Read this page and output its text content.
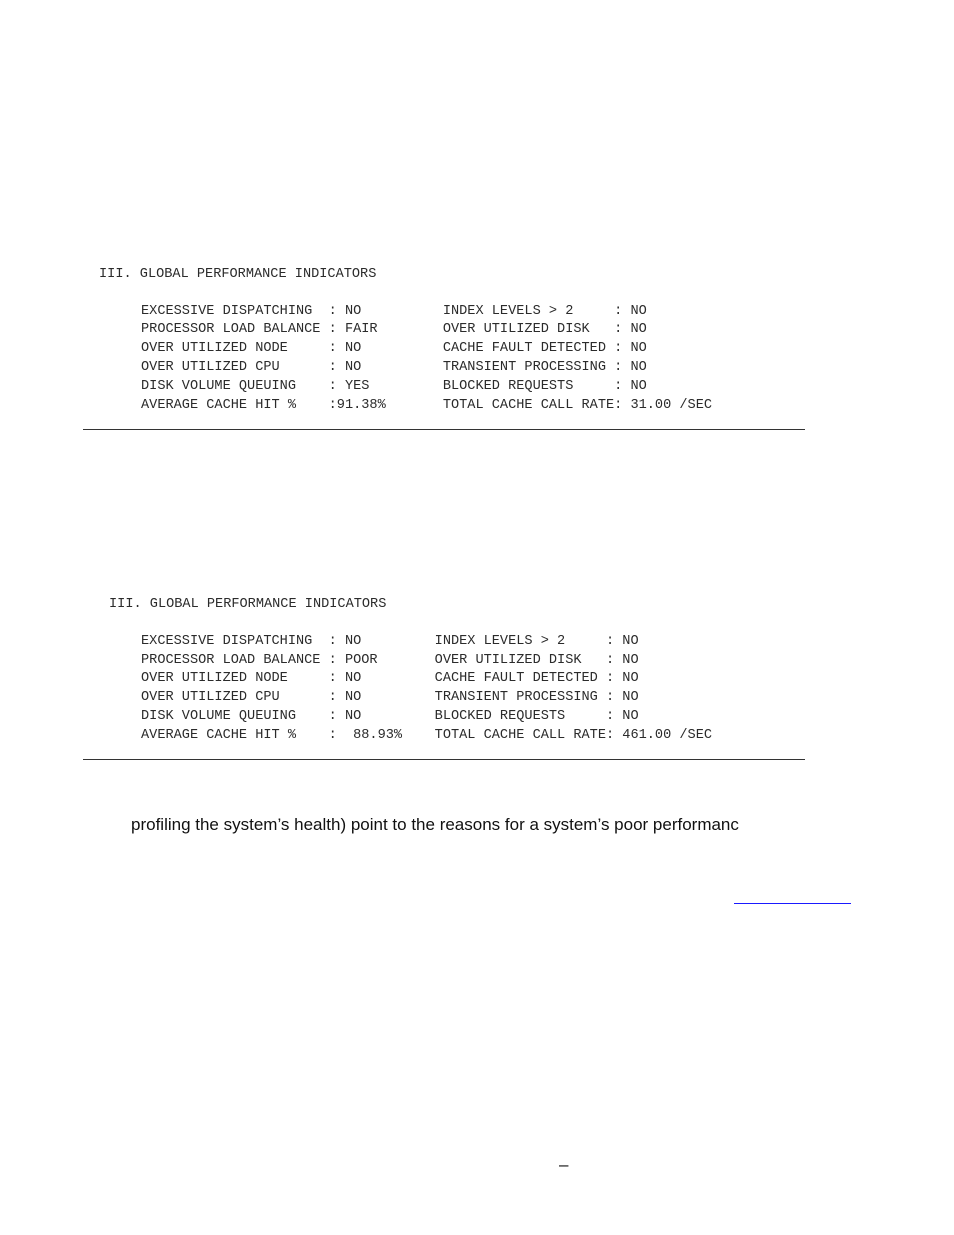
III. GLOBAL PERFORMANCE INDICATORS
EXCESSIVE DISPATCHING  : NO          INDEX LEVELS > 2     : NO
PROCESSOR LOAD BALANCE : FAIR        OVER UTILIZED DISK   : NO
OVER UTILIZED NODE     : NO          CACHE FAULT DETECTED : NO
OVER UTILIZED CPU      : NO          TRANSIENT PROCESSING : NO
DISK VOLUME QUEUING    : YES         BLOCKED REQUESTS     : NO
AVERAGE CACHE HIT %    :91.38%       TOTAL CACHE CALL RATE: 31.00 /SEC
III. GLOBAL PERFORMANCE INDICATORS
EXCESSIVE DISPATCHING  : NO         INDEX LEVELS > 2     : NO
PROCESSOR LOAD BALANCE : POOR       OVER UTILIZED DISK   : NO
OVER UTILIZED NODE     : NO         CACHE FAULT DETECTED : NO
OVER UTILIZED CPU      : NO         TRANSIENT PROCESSING : NO
DISK VOLUME QUEUING    : NO         BLOCKED REQUESTS     : NO
AVERAGE CACHE HIT %    :  88.93%    TOTAL CACHE CALL RATE: 461.00 /SEC
profiling the system’s health) point to the reasons for a system’s poor performanc
–
